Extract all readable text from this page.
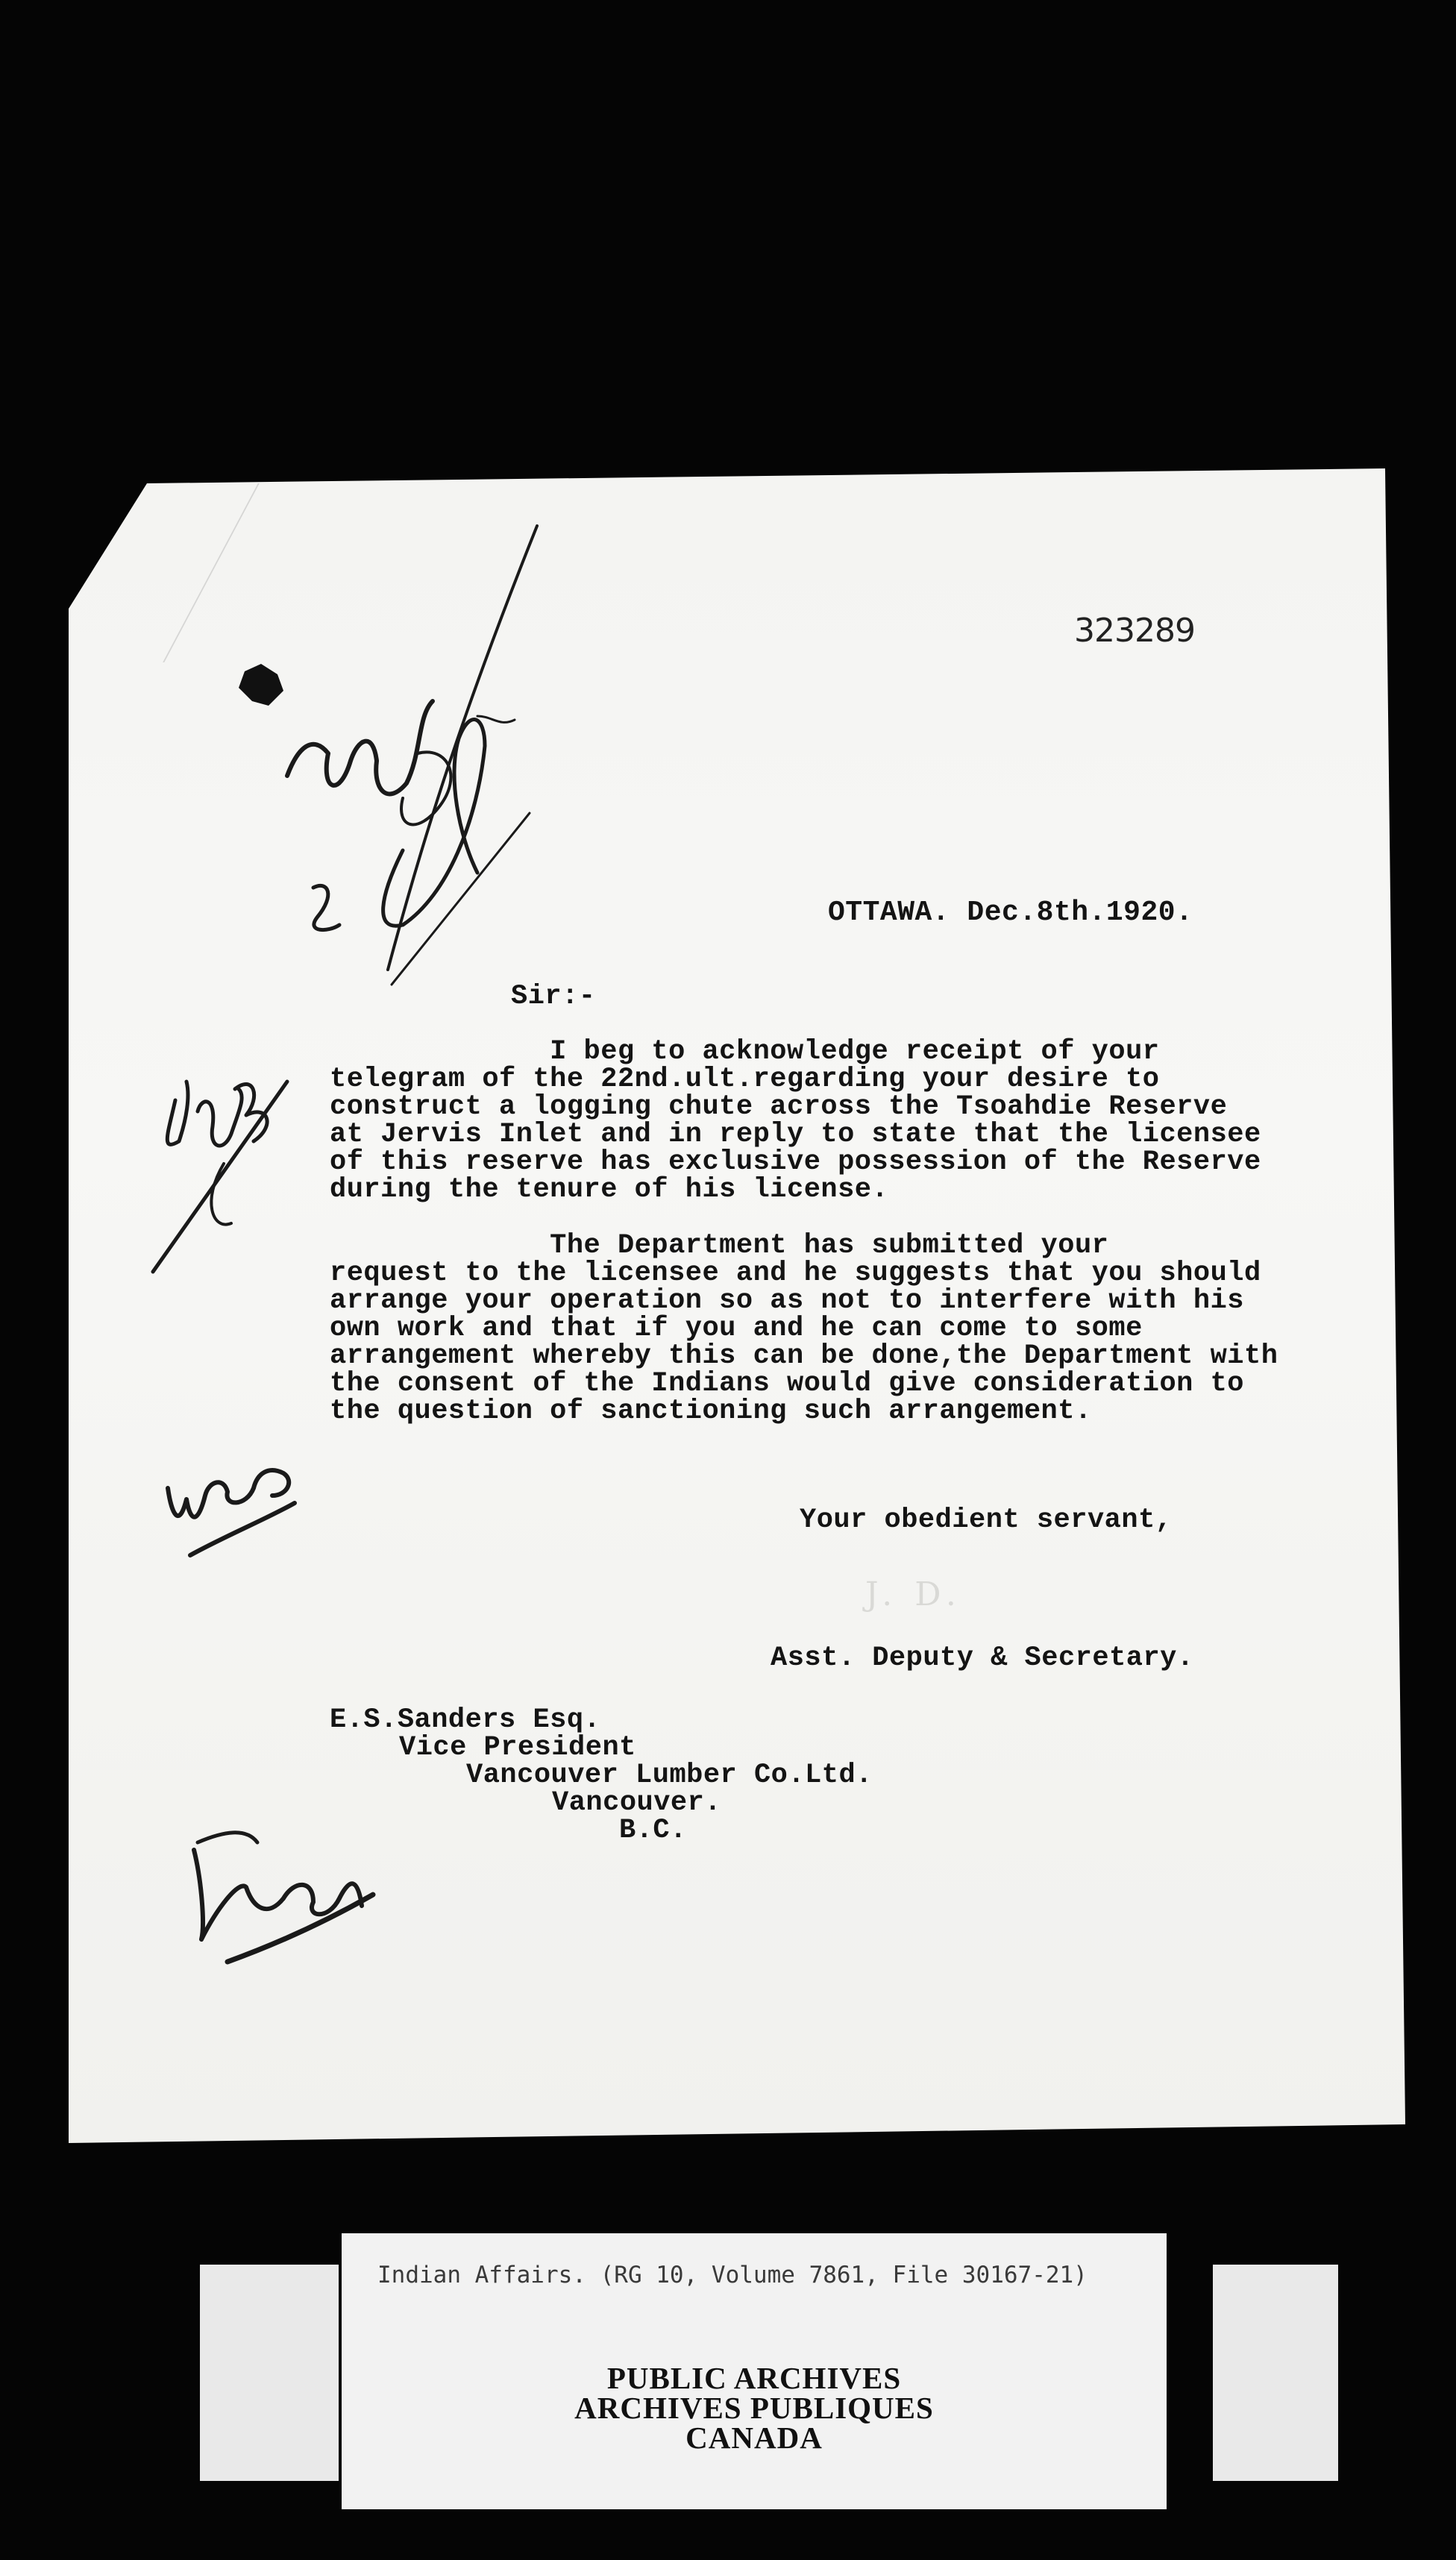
323289
OTTAWA. Dec.8th.1920.
Sir:-
I beg to acknowledge receipt of your
telegram of the 22nd.ult.regarding your desire to
construct a logging chute across the Tsoahdie Reserve
at Jervis Inlet and in reply to state that the licensee
of this reserve has exclusive possession of the Reserve
during the tenure of his license.
The Department has submitted your
request to the licensee and he suggests that you should
arrange your operation so as not to interfere with his
own work and that if you and he can come to some
arrangement whereby this can be done,the Department with
the consent of the Indians would give consideration to
the question of sanctioning such arrangement.
Your obedient servant,
J. D.
Asst. Deputy & Secretary.
E.S.Sanders Esq.
Vice President
Vancouver Lumber Co.Ltd.
Vancouver.
B.C.
Indian Affairs. (RG 10, Volume 7861, File 30167-21)
PUBLIC ARCHIVES
ARCHIVES PUBLIQUES
CANADA
